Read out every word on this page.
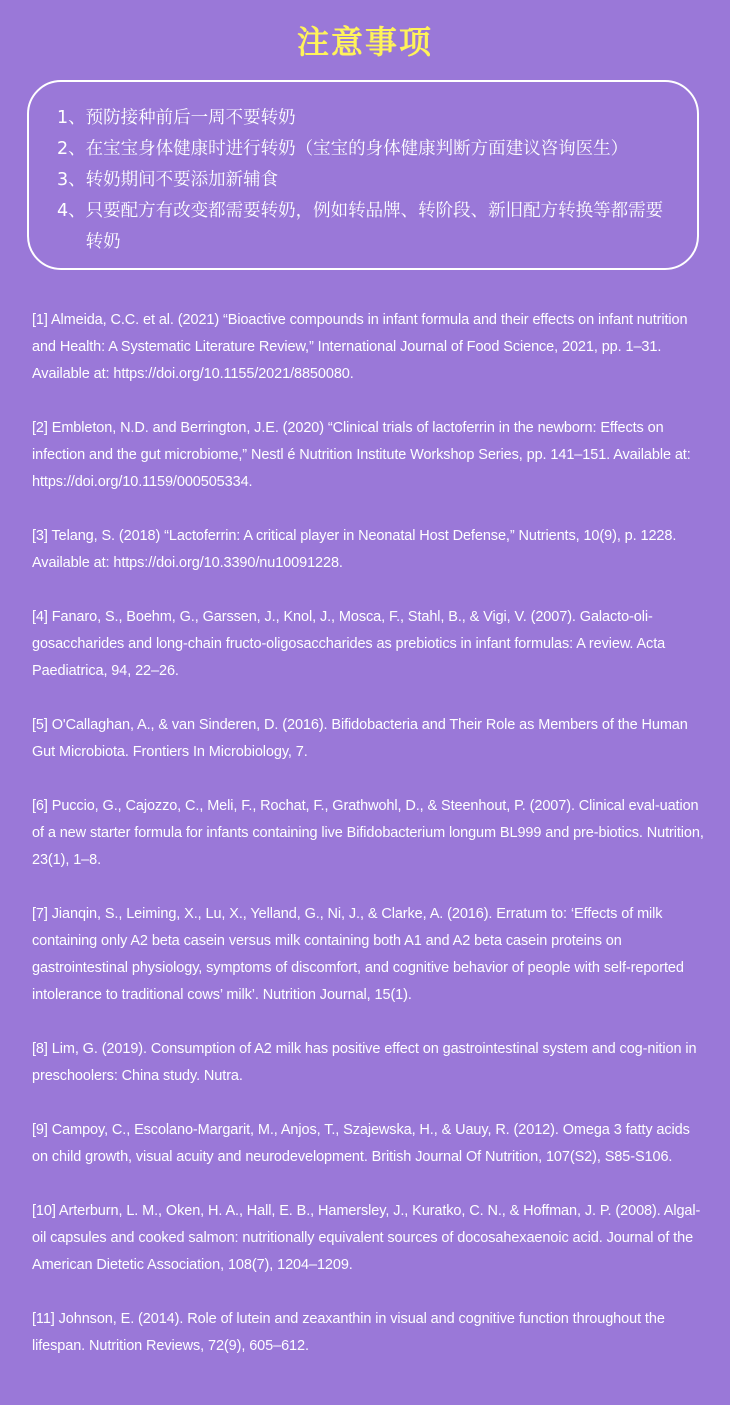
注意事项
1、 预防接种前后一周不要转奶
2、 在宝宝身体健康时进行转奶（宝宝的身体健康判断方面建议咨询医生）
3、 转奶期间不要添加新辅食
4、 只要配方有改变都需要转奶，例如转品牌、转阶段、新旧配方转换等都需要转奶

[1] Almeida, C.C. et al. (2021) “Bioactive compounds in infant formula and their effects on infant nutrition and Health: A Systematic Literature Review,” International Journal of Food Science, 2021, pp. 1–31. Available at: https://doi.org/10.1155/2021/8850080.

[2] Embleton, N.D. and Berrington, J.E. (2020) “Clinical trials of lactoferrin in the newborn: Effects on infection and the gut microbiome,” Nestl é Nutrition Institute Workshop Series, pp. 141–151. Available at: https://doi.org/10.1159/000505334.

[3] Telang, S. (2018) “Lactoferrin: A critical player in Neonatal Host Defense,” Nutrients, 10(9), p. 1228. Available at: https://doi.org/10.3390/nu10091228.

[4] Fanaro, S., Boehm, G., Garssen, J., Knol, J., Mosca, F., Stahl, B., & Vigi, V. (2007). Galacto-oli-gosaccharides and long-chain fructo-oligosaccharides as prebiotics in infant formulas: A review. Acta Paediatrica, 94, 22–26.

[5] O'Callaghan, A., & van Sinderen, D. (2016). Bifidobacteria and Their Role as Members of the Human Gut Microbiota. Frontiers In Microbiology, 7.

[6] Puccio, G., Cajozzo, C., Meli, F., Rochat, F., Grathwohl, D., & Steenhout, P. (2007). Clinical eval-uation of a new starter formula for infants containing live Bifidobacterium longum BL999 and pre-biotics. Nutrition, 23(1), 1–8.

[7] Jianqin, S., Leiming, X., Lu, X., Yelland, G., Ni, J., & Clarke, A. (2016). Erratum to: ‘Effects of milk containing only A2 beta casein versus milk containing both A1 and A2 beta casein proteins on gastrointestinal physiology, symptoms of discomfort, and cognitive behavior of people with self-reported intolerance to traditional cows’ milk’. Nutrition Journal, 15(1).

[8] Lim, G. (2019). Consumption of A2 milk has positive effect on gastrointestinal system and cog-nition in preschoolers: China study. Nutra.

[9] Campoy, C., Escolano-Margarit, M., Anjos, T., Szajewska, H., & Uauy, R. (2012). Omega 3 fatty acids on child growth, visual acuity and neurodevelopment. British Journal Of Nutrition, 107(S2), S85-S106.

[10] Arterburn, L. M., Oken, H. A., Hall, E. B., Hamersley, J., Kuratko, C. N., & Hoffman, J. P. (2008). Algal-oil capsules and cooked salmon: nutritionally equivalent sources of docosahexaenoic acid. Journal of the American Dietetic Association, 108(7), 1204–1209.

[11] Johnson, E. (2014). Role of lutein and zeaxanthin in visual and cognitive function throughout the lifespan. Nutrition Reviews, 72(9), 605–612.
